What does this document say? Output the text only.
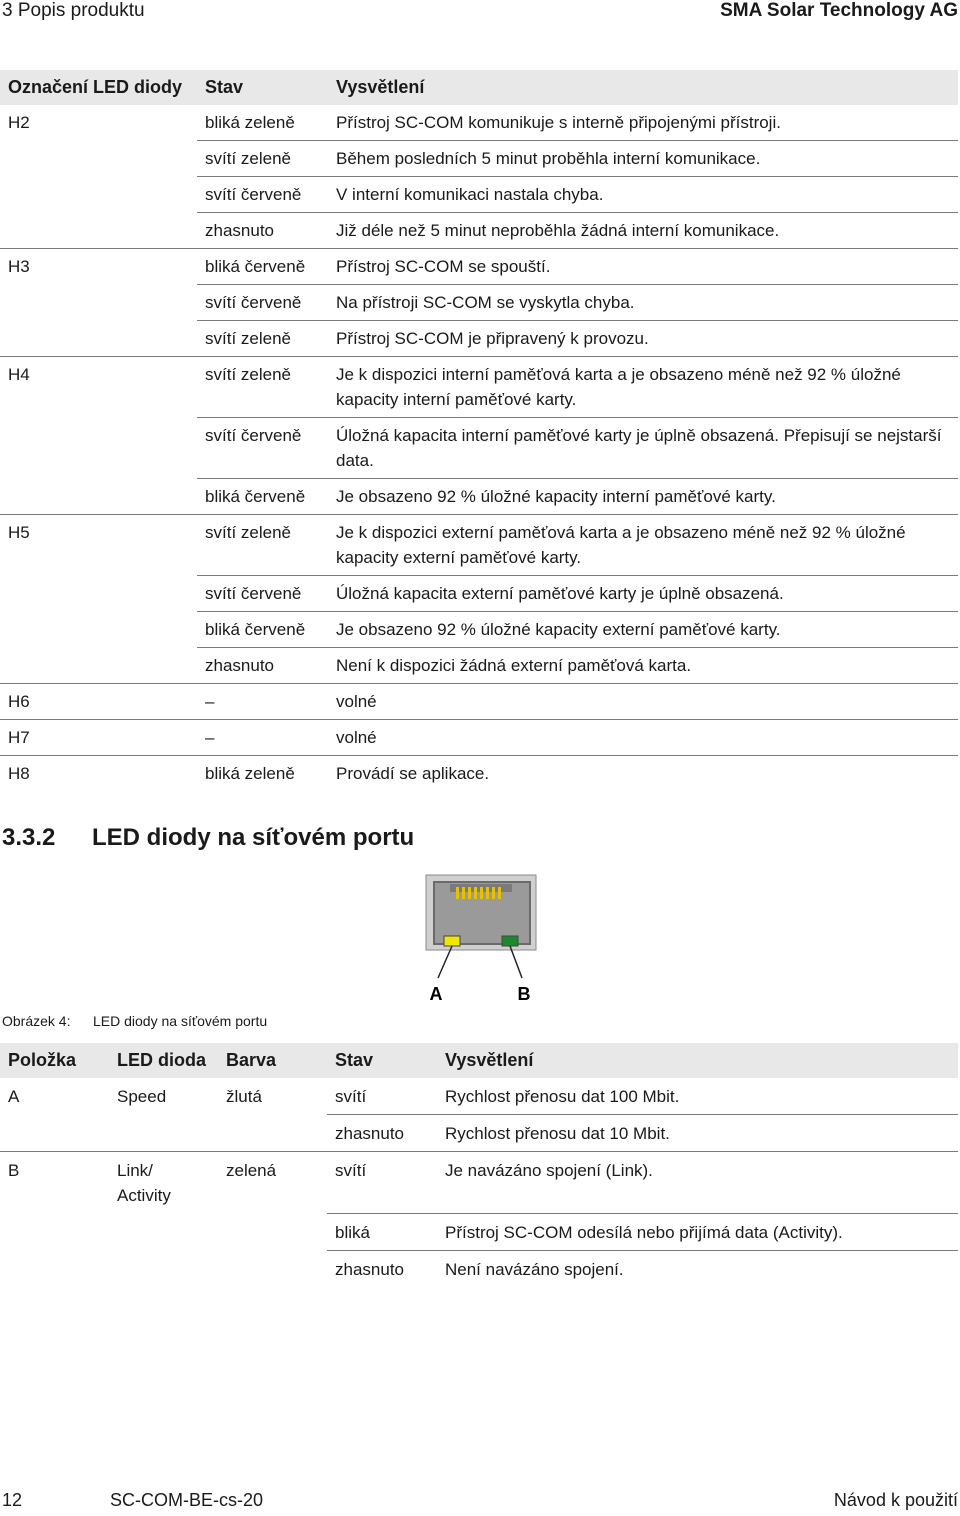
3 Popis produktu	SMA Solar Technology AG
Označení LED diody	Stav	Vysvětlení
H2	bliká zeleně	Přístroj SC-COM komunikuje s interně připojenými přístroji.
	svítí zeleně	Během posledních 5 minut proběhla interní komunikace.
	svítí červeně	V interní komunikaci nastala chyba.
	zhasnuto	Již déle než 5 minut neproběhla žádná interní komunikace.
H3	bliká červeně	Přístroj SC-COM se spouští.
	svítí červeně	Na přístroji SC-COM se vyskytla chyba.
	svítí zeleně	Přístroj SC-COM je připravený k provozu.
H4	svítí zeleně	Je k dispozici interní paměťová karta a je obsazeno méně než 92 % úložné kapacity interní paměťové karty.
	svítí červeně	Úložná kapacita interní paměťové karty je úplně obsazená. Přepisují se nejstarší data.
	bliká červeně	Je obsazeno 92 % úložné kapacity interní paměťové karty.
H5	svítí zeleně	Je k dispozici externí paměťová karta a je obsazeno méně než 92 % úložné kapacity externí paměťové karty.
	svítí červeně	Úložná kapacita externí paměťové karty je úplně obsazená.
	bliká červeně	Je obsazeno 92 % úložné kapacity externí paměťové karty.
	zhasnuto	Není k dispozici žádná externí paměťová karta.
H6	–	volné
H7	–	volné
H8	bliká zeleně	Provádí se aplikace.
3.3.2 LED diody na síťovém portu
A	B
Obrázek 4: LED diody na síťovém portu
Položka	LED dioda	Barva	Stav	Vysvětlení
A	Speed	žlutá	svítí	Rychlost přenosu dat 100 Mbit.
			zhasnuto	Rychlost přenosu dat 10 Mbit.
B	Link/ Activity	zelená	svítí	Je navázáno spojení (Link).
			bliká	Přístroj SC-COM odesílá nebo přijímá data (Activity).
			zhasnuto	Není navázáno spojení.
12	SC-COM-BE-cs-20	Návod k použití
